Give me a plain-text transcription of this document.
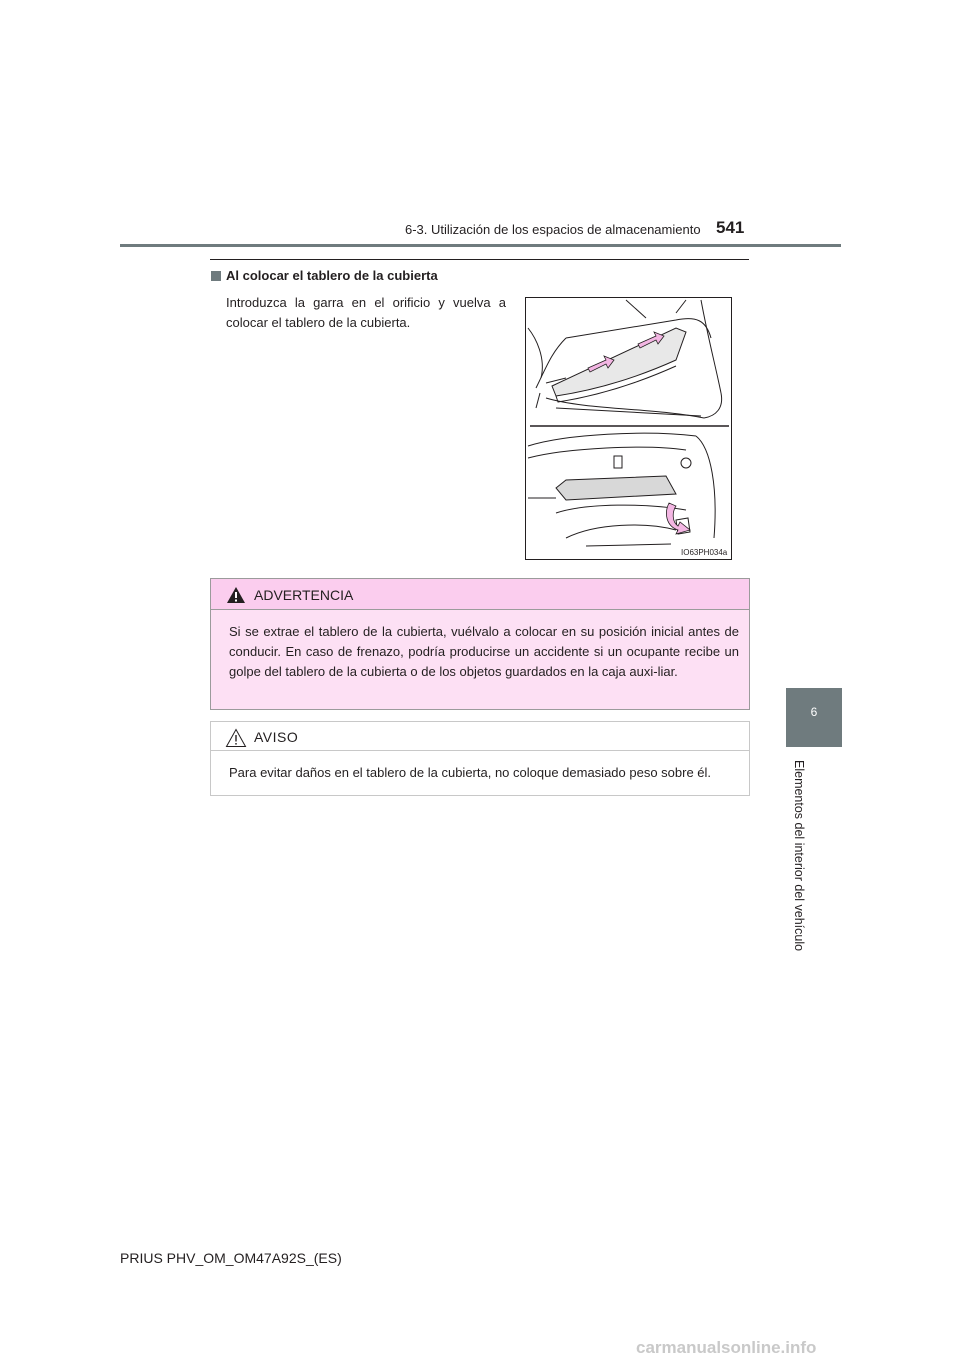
6-3. Utilización de los espacios de almacenamiento 541
6
Elementos del interior del vehículo
Al colocar el tablero de la cubierta
Introduzca la garra en el orificio y vuelva a colocar el tablero de la cubierta.
IO63PH034a
ADVERTENCIA
Si se extrae el tablero de la cubierta, vuélvalo a colocar en su posición inicial antes de conducir. En caso de frenazo, podría producirse un accidente si un ocupante recibe un golpe del tablero de la cubierta o de los objetos guardados en la caja auxi-liar.
AVISO
Para evitar daños en el tablero de la cubierta, no coloque demasiado peso sobre él.
PRIUS PHV_OM_OM47A92S_(ES)
carmanualsonline.info
